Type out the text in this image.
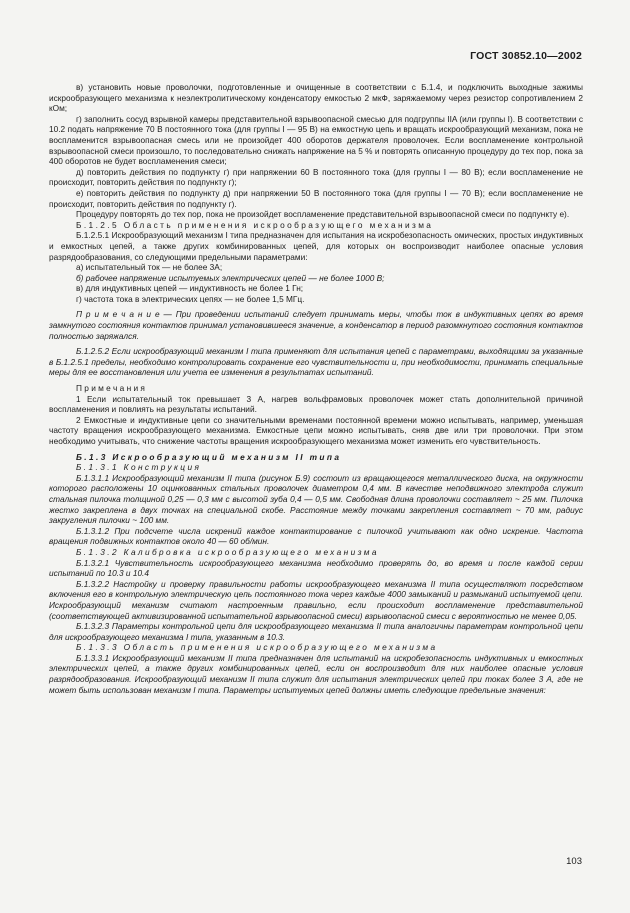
ГОСТ 30852.10—2002

в) установить новые проволочки, подготовленные и очищенные в соответствии с Б.1.4, и подключить выходные зажимы искрообразующего механизма к неэлектролитическому конденсатору емкостью 2 мкФ, заряжаемому через резистор сопротивлением 2 кОм;

г) заполнить сосуд взрывной камеры представительной взрывоопасной смесью для подгруппы IIA (или группы I). В соответствии с 10.2 подать напряжение 70 В постоянного тока (для группы I — 95 В) на емкостную цепь и вращать искрообразующий механизм, пока не воспламенится взрывоопасная смесь или не произойдет 400 оборотов держателя проволочек. Если воспламенение контрольной взрывоопасной смеси произошло, то последовательно снижать напряжение на 5 % и повторять описанную процедуру до тех пор, пока за 400 оборотов не будет воспламенения смеси;

д) повторить действия по подпункту г) при напряжении 60 В постоянного тока (для группы I — 80 В); если воспламенение не происходит, повторить действия по подпункту г);

е) повторить действия по подпункту д) при напряжении 50 В постоянного тока (для группы I — 70 В); если воспламенение не происходит, повторить действия по подпункту г).

Процедуру повторять до тех пор, пока не произойдет воспламенение представительной взрывоопасной смеси по подпункту е).

Б.1.2.5 Область применения искрообразующего механизма

Б.1.2.5.1 Искрообразующий механизм I типа предназначен для испытания на искробезопасность омических, простых индуктивных и емкостных цепей, а также других комбинированных цепей, для которых он воспроизводит наиболее опасные условия разрядообразования, со следующими предельными параметрами:

а) испытательный ток — не более 3А;

б) рабочее напряжение испытуемых электрических цепей — не более 1000 В;

в) для индуктивных цепей — индуктивность не более 1 Гн;

г) частота тока в электрических цепях — не более 1,5 МГц.

П р и м е ч а н и е — При проведении испытаний следует принимать меры, чтобы ток в индуктивных цепях во время замкнутого состояния контактов принимал установившееся значение, а конденсатор в период разомкнутого состояния контактов полностью заряжался.

Б.1.2.5.2 Если искрообразующий механизм I типа применяют для испытания цепей с параметрами, выходящими за указанные в Б.1.2.5.1 пределы, необходимо контролировать сохранение его чувствительности и, при необходимости, принимать специальные меры для ее восстановления или учета ее изменения в результатах испытаний.

П р и м е ч а н и я

1 Если испытательный ток превышает 3 А, нагрев вольфрамовых проволочек может стать дополнительной причиной воспламенения и повлиять на результаты испытаний.

2 Емкостные и индуктивные цепи со значительными временами постоянной времени можно испытывать, например, уменьшая частоту вращения искрообразующего механизма. Емкостные цепи можно испытывать, сняв две или три проволочки. При этом необходимо учитывать, что снижение частоты вращения искрообразующего механизма может изменить его чувствительность.

Б.1.3 Искрообразующий механизм II типа

Б.1.3.1 Конструкция

Б.1.3.1.1 Искрообразующий механизм II типа (рисунок Б.9) состоит из вращающегося металлического диска, на окружности которого расположены 10 оцинкованных стальных проволочек диаметром 0,4 мм. В качестве неподвижного электрода служит стальная пилочка толщиной 0,25 — 0,3 мм с высотой зуба 0,4 — 0,5 мм. Свободная длина проволочки составляет ~ 25 мм. Пилочка жестко закреплена в двух точках на специальной скобе. Расстояние между точками закрепления составляет ~ 70 мм, радиус закругления пилочки ~ 100 мм.

Б.1.3.1.2 При подсчете числа искрений каждое контактирование с пилочкой учитывают как одно искрение. Частота вращения подвижных контактов около 40 — 60 об/мин.

Б.1.3.2 Калибровка искрообразующего механизма

Б.1.3.2.1 Чувствительность искрообразующего механизма необходимо проверять до, во время и после каждой серии испытаний по 10.3 и 10.4

Б.1.3.2.2 Настройку и проверку правильности работы искрообразующего механизма II типа осуществляют посредством включения его в контрольную электрическую цепь постоянного тока через каждые 4000 замыканий и размыканий испытуемой цепи. Искрообразующий механизм считают настроенным правильно, если происходит воспламенение представительной (соответствующей активизированной испытательной взрывоопасной смеси) взрывоопасной смеси с вероятностью не менее 0,05.

Б.1.3.2.3 Параметры контрольной цепи для искрообразующего механизма II типа аналогичны параметрам контрольной цепи для искрообразующего механизма I типа, указанным в 10.3.

Б.1.3.3 Область применения искрообразующего механизма

Б.1.3.3.1 Искрообразующий механизм II типа предназначен для испытаний на искробезопасность индуктивных и емкостных электрических цепей, а также других комбинированных цепей, если он воспроизводит для них наиболее опасные условия разрядообразования. Искрообразующий механизм II типа служит для испытания электрических цепей при токах более 3 А, где не может быть использован механизм I типа. Параметры испытуемых цепей должны иметь следующие предельные значения:

103
